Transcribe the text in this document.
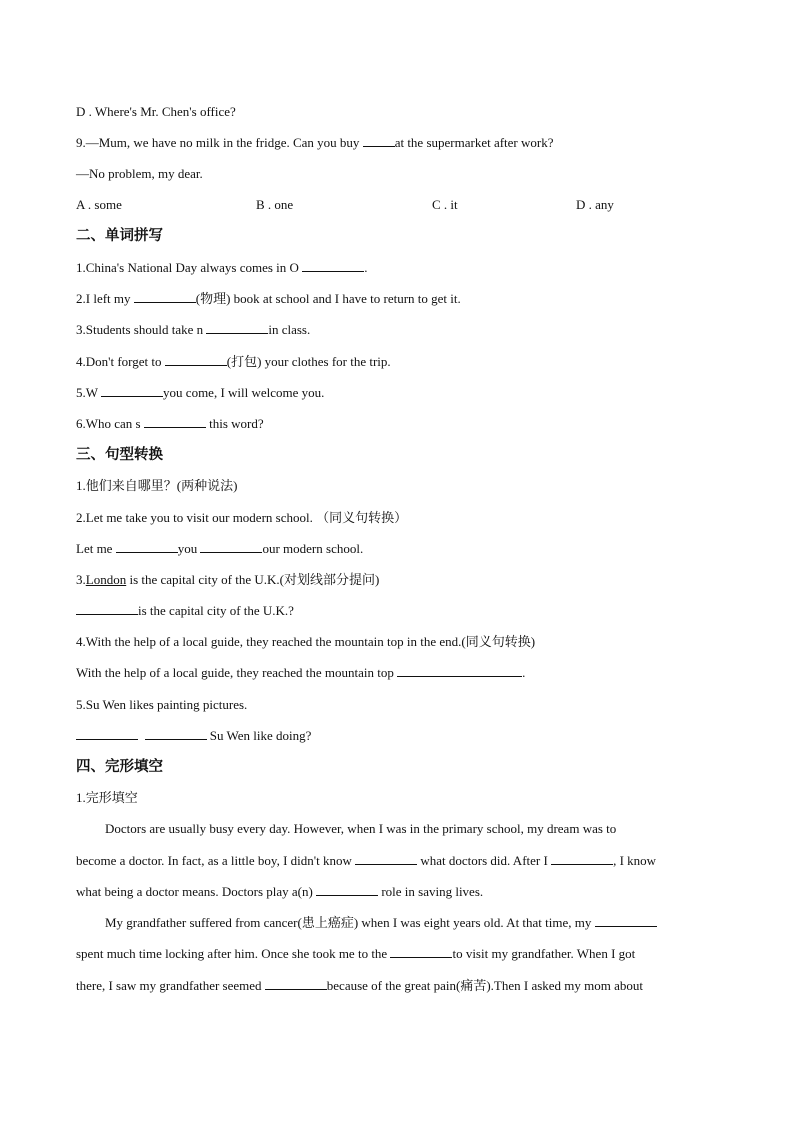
D . Where's Mr. Chen's office?
9.—Mum, we have no milk in the fridge. Can you buy at the supermarket after work?
—No problem, my dear.
A . some	B . one	C . it	D . any
二、单词拼写
1.China's National Day always comes in O	.
2.I left my	(物理) book at school and I have to return to get it.
3.Students should take n	in class.
4.Don't forget to	(打包) your clothes for the trip.
5.W	you come, I will welcome you.
6.Who can s	this word?
三、句型转换
1.他们来自哪里？(两种说法)
2.Let me take you to visit our modern school. （同义句转换）
Let me	you	our modern school.
3.London is the capital city of the U.K.(对划线部分提问)
is the capital city of the U.K.?
4.With the help of a local guide, they reached the mountain top in the end.(同义句转换)
With the help of a local guide, they reached the mountain top	.
5.Su Wen likes painting pictures.
Su Wen like doing?
四、完形填空
1.完形填空
Doctors are usually busy every day. However, when I was in the primary school, my dream was to
become a doctor. In fact, as a little boy, I didn't know	what doctors did. After I	, I know
what being a doctor means. Doctors play a(n)	role in saving lives.
My grandfather suffered from cancer(患上癌症) when I was eight years old. At that time, my
spent much time locking after him. Once she took me to the	to visit my grandfather. When I got
there, I saw my grandfather seemed	because of the great pain(痛苦).Then I asked my mom about
